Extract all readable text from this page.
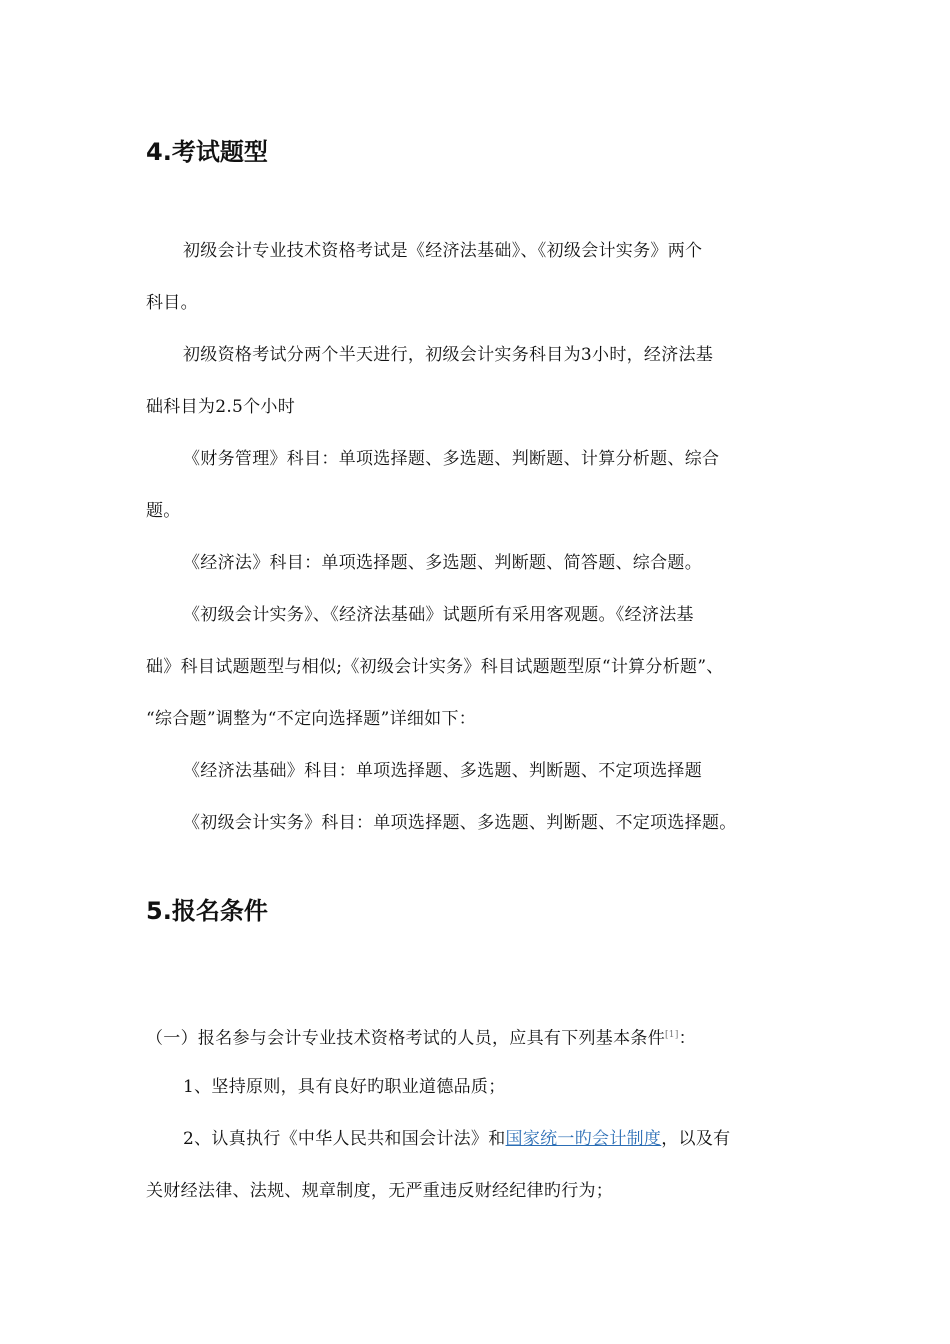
4.考试题型

初级会计专业技术资格考试是《经济法基础》、《初级会计实务》两个

科目。

初级资格考试分两个半天进行，初级会计实务科目为3小时，经济法基

础科目为2.5个小时

《财务管理》科目：单项选择题、多选题、判断题、计算分析题、综合

题。

《经济法》科目：单项选择题、多选题、判断题、简答题、综合题。

《初级会计实务》、《经济法基础》试题所有采用客观题。《经济法基

础》科目试题题型与相似;《初级会计实务》科目试题题型原“计算分析题”、

“综合题”调整为“不定向选择题”详细如下：

《经济法基础》科目：单项选择题、多选题、判断题、不定项选择题

《初级会计实务》科目：单项选择题、多选题、判断题、不定项选择题。

5.报名条件

（一）报名参与会计专业技术资格考试的人员，应具有下列基本条件[1]：

1、坚持原则，具有良好旳职业道德品质；

2、认真执行《中华人民共和国会计法》和国家统一旳会计制度，以及有

关财经法律、法规、规章制度，无严重违反财经纪律旳行为；
